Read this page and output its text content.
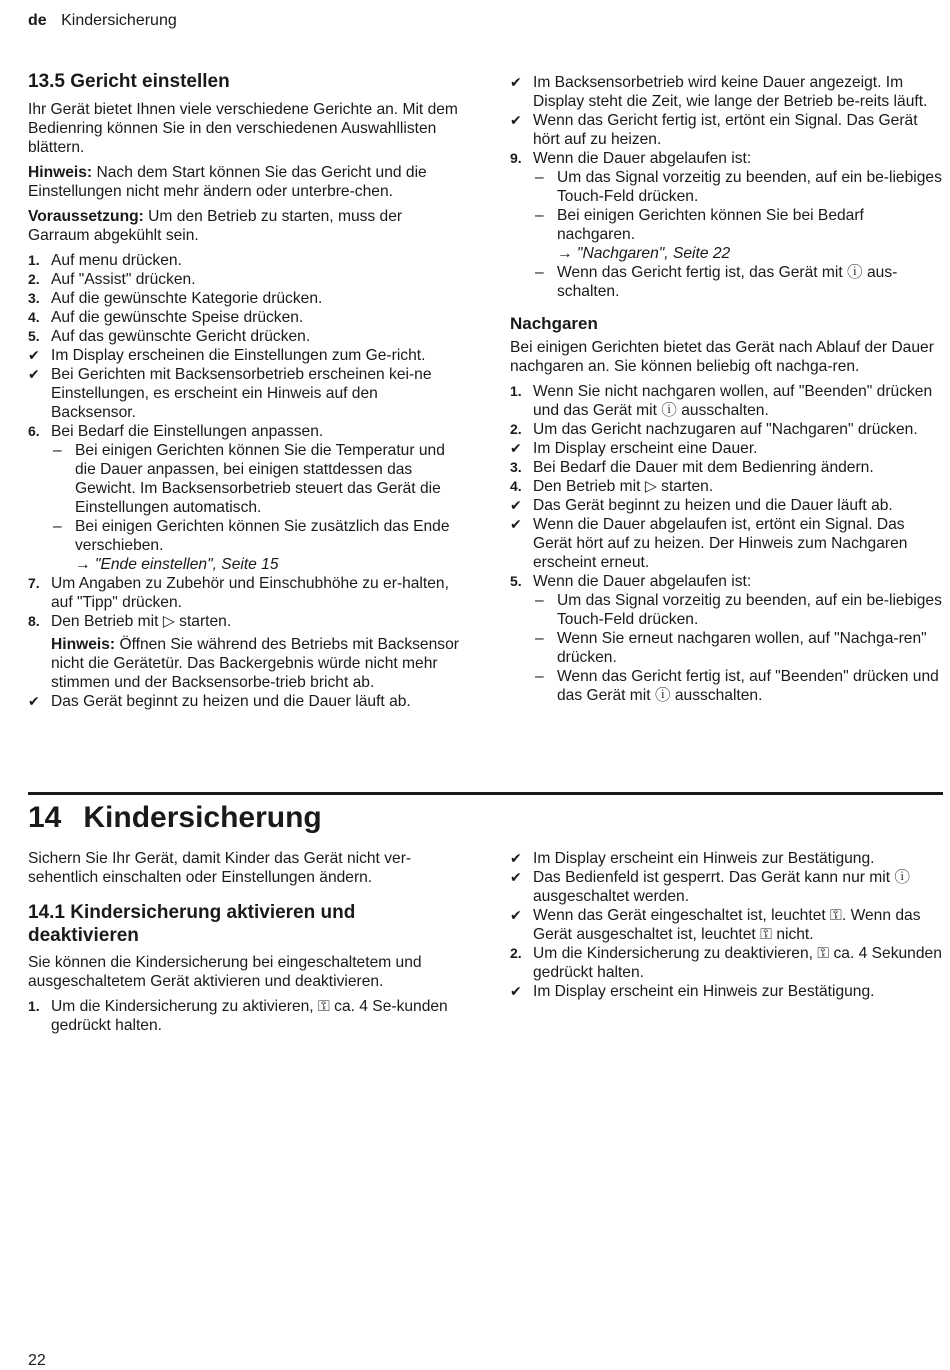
de Kindersicherung
13.5 Gericht einstellen

Ihr Gerät bietet Ihnen viele verschiedene Gerichte an. Mit dem Bedienring können Sie in den verschiedenen Auswahllisten blättern.

Hinweis: Nach dem Start können Sie das Gericht und die Einstellungen nicht mehr ändern oder unterbre-chen.

Voraussetzung: Um den Betrieb zu starten, muss der Garraum abgekühlt sein.

1. Auf menu drücken.
2. Auf "Assist" drücken.
3. Auf die gewünschte Kategorie drücken.
4. Auf die gewünschte Speise drücken.
5. Auf das gewünschte Gericht drücken.
✔ Im Display erscheinen die Einstellungen zum Ge-richt.
✔ Bei Gerichten mit Backsensorbetrieb erscheinen kei-ne Einstellungen, es erscheint ein Hinweis auf den Backsensor.
6. Bei Bedarf die Einstellungen anpassen.
– Bei einigen Gerichten können Sie die Temperatur und die Dauer anpassen, bei einigen stattdessen das Gewicht. Im Backsensorbetrieb steuert das Gerät die Einstellungen automatisch.
– Bei einigen Gerichten können Sie zusätzlich das Ende verschieben.
→ "Ende einstellen", Seite 15
7. Um Angaben zu Zubehör und Einschubhöhe zu er-halten, auf "Tipp" drücken.
8. Den Betrieb mit ▷ starten.
Hinweis: Öffnen Sie während des Betriebs mit Backsensor nicht die Gerätetür. Das Backergebnis würde nicht mehr stimmen und der Backsensorbe-trieb bricht ab.
✔ Das Gerät beginnt zu heizen und die Dauer läuft ab.
✔ Im Backsensorbetrieb wird keine Dauer angezeigt. Im Display steht die Zeit, wie lange der Betrieb be-reits läuft.
✔ Wenn das Gericht fertig ist, ertönt ein Signal. Das Gerät hört auf zu heizen.
9. Wenn die Dauer abgelaufen ist:
– Um das Signal vorzeitig zu beenden, auf ein be-liebiges Touch-Feld drücken.
– Bei einigen Gerichten können Sie bei Bedarf nachgaren.
→ "Nachgaren", Seite 22
– Wenn das Gericht fertig ist, das Gerät mit ⓘ aus-schalten.
Nachgaren

Bei einigen Gerichten bietet das Gerät nach Ablauf der Dauer nachgaren an. Sie können beliebig oft nachga-ren.

1. Wenn Sie nicht nachgaren wollen, auf "Beenden" drücken und das Gerät mit ⓘ ausschalten.
2. Um das Gericht nachzugaren auf "Nachgaren" drücken.
✔ Im Display erscheint eine Dauer.
3. Bei Bedarf die Dauer mit dem Bedienring ändern.
4. Den Betrieb mit ▷ starten.
✔ Das Gerät beginnt zu heizen und die Dauer läuft ab.
✔ Wenn die Dauer abgelaufen ist, ertönt ein Signal. Das Gerät hört auf zu heizen. Der Hinweis zum Nachgaren erscheint erneut.
5. Wenn die Dauer abgelaufen ist:
– Um das Signal vorzeitig zu beenden, auf ein be-liebiges Touch-Feld drücken.
– Wenn Sie erneut nachgaren wollen, auf "Nachga-ren" drücken.
– Wenn das Gericht fertig ist, auf "Beenden" drücken und das Gerät mit ⓘ ausschalten.
14 Kindersicherung

Sichern Sie Ihr Gerät, damit Kinder das Gerät nicht ver-sehentlich einschalten oder Einstellungen ändern.

14.1 Kindersicherung aktivieren und deaktivieren

Sie können die Kindersicherung bei eingeschaltetem und ausgeschaltetem Gerät aktivieren und deaktivieren.

1. Um die Kindersicherung zu aktivieren, ⚿ ca. 4 Se-kunden gedrückt halten.
✔ Im Display erscheint ein Hinweis zur Bestätigung.
✔ Das Bedienfeld ist gesperrt. Das Gerät kann nur mit ⓘ ausgeschaltet werden.
✔ Wenn das Gerät eingeschaltet ist, leuchtet ⚿. Wenn das Gerät ausgeschaltet ist, leuchtet ⚿ nicht.
2. Um die Kindersicherung zu deaktivieren, ⚿ ca. 4 Sekunden gedrückt halten.
✔ Im Display erscheint ein Hinweis zur Bestätigung.
22
